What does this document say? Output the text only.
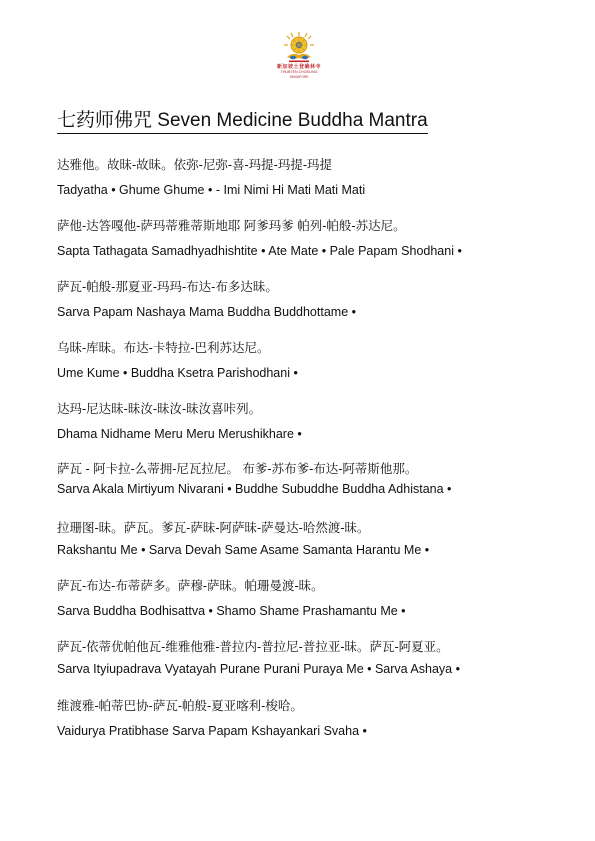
新加坡土登确林寺
THUBTEN CHOELING
SINGAPORE
七药师佛咒 Seven Medicine Buddha Mantra

达雅他。故昧-故昧。依弥-尼弥-喜-玛提-玛提-玛提

Tadyatha • Ghume Ghume • - Imi Nimi Hi Mati Mati Mati

萨他-达答嘎他-萨玛蒂雅蒂斯地耶 阿爹玛爹 帕列-帕般-苏达尼。

Sapta Tathagata Samadhyadhishtite • Ate Mate • Pale Papam Shodhani •

萨瓦-帕般-那夏亚-玛玛-布达-布多达昧。

Sarva Papam Nashaya Mama Buddha Buddhottame •

乌昧-库昧。布达-卡特拉-巴利苏达尼。

Ume Kume • Buddha Ksetra Parishodhani •

达玛-尼达昧-昧汝-昧汝-昧汝喜咔列。

Dhama Nidhame Meru Meru Merushikhare •

萨瓦 - 阿卡拉-么蒂拥-尼瓦拉尼。 布爹-苏布爹-布达-阿蒂斯他那。

Sarva Akala Mirtiyum Nivarani • Buddhe Subuddhe Buddha Adhistana •

拉珊图-昧。萨瓦。爹瓦-萨昧-阿萨昧-萨曼达-哈然渡-昧。

Rakshantu Me • Sarva Devah Same Asame Samanta Harantu Me •

萨瓦-布达-布蒂萨多。萨穆-萨昧。帕珊曼渡-昧。

Sarva Buddha Bodhisattva • Shamo Shame Prashamantu Me •

萨瓦-依蒂优帕他瓦-维雅他雅-普拉内-普拉尼-普拉亚-昧。萨瓦-阿夏亚。

Sarva Ityiupadrava Vyatayah Purane Purani Puraya Me • Sarva Ashaya •

维渡雅-帕蒂巴协-萨瓦-帕般-夏亚喀利-梭哈。

Vaidurya Pratibhase Sarva Papam Kshayankari Svaha •
